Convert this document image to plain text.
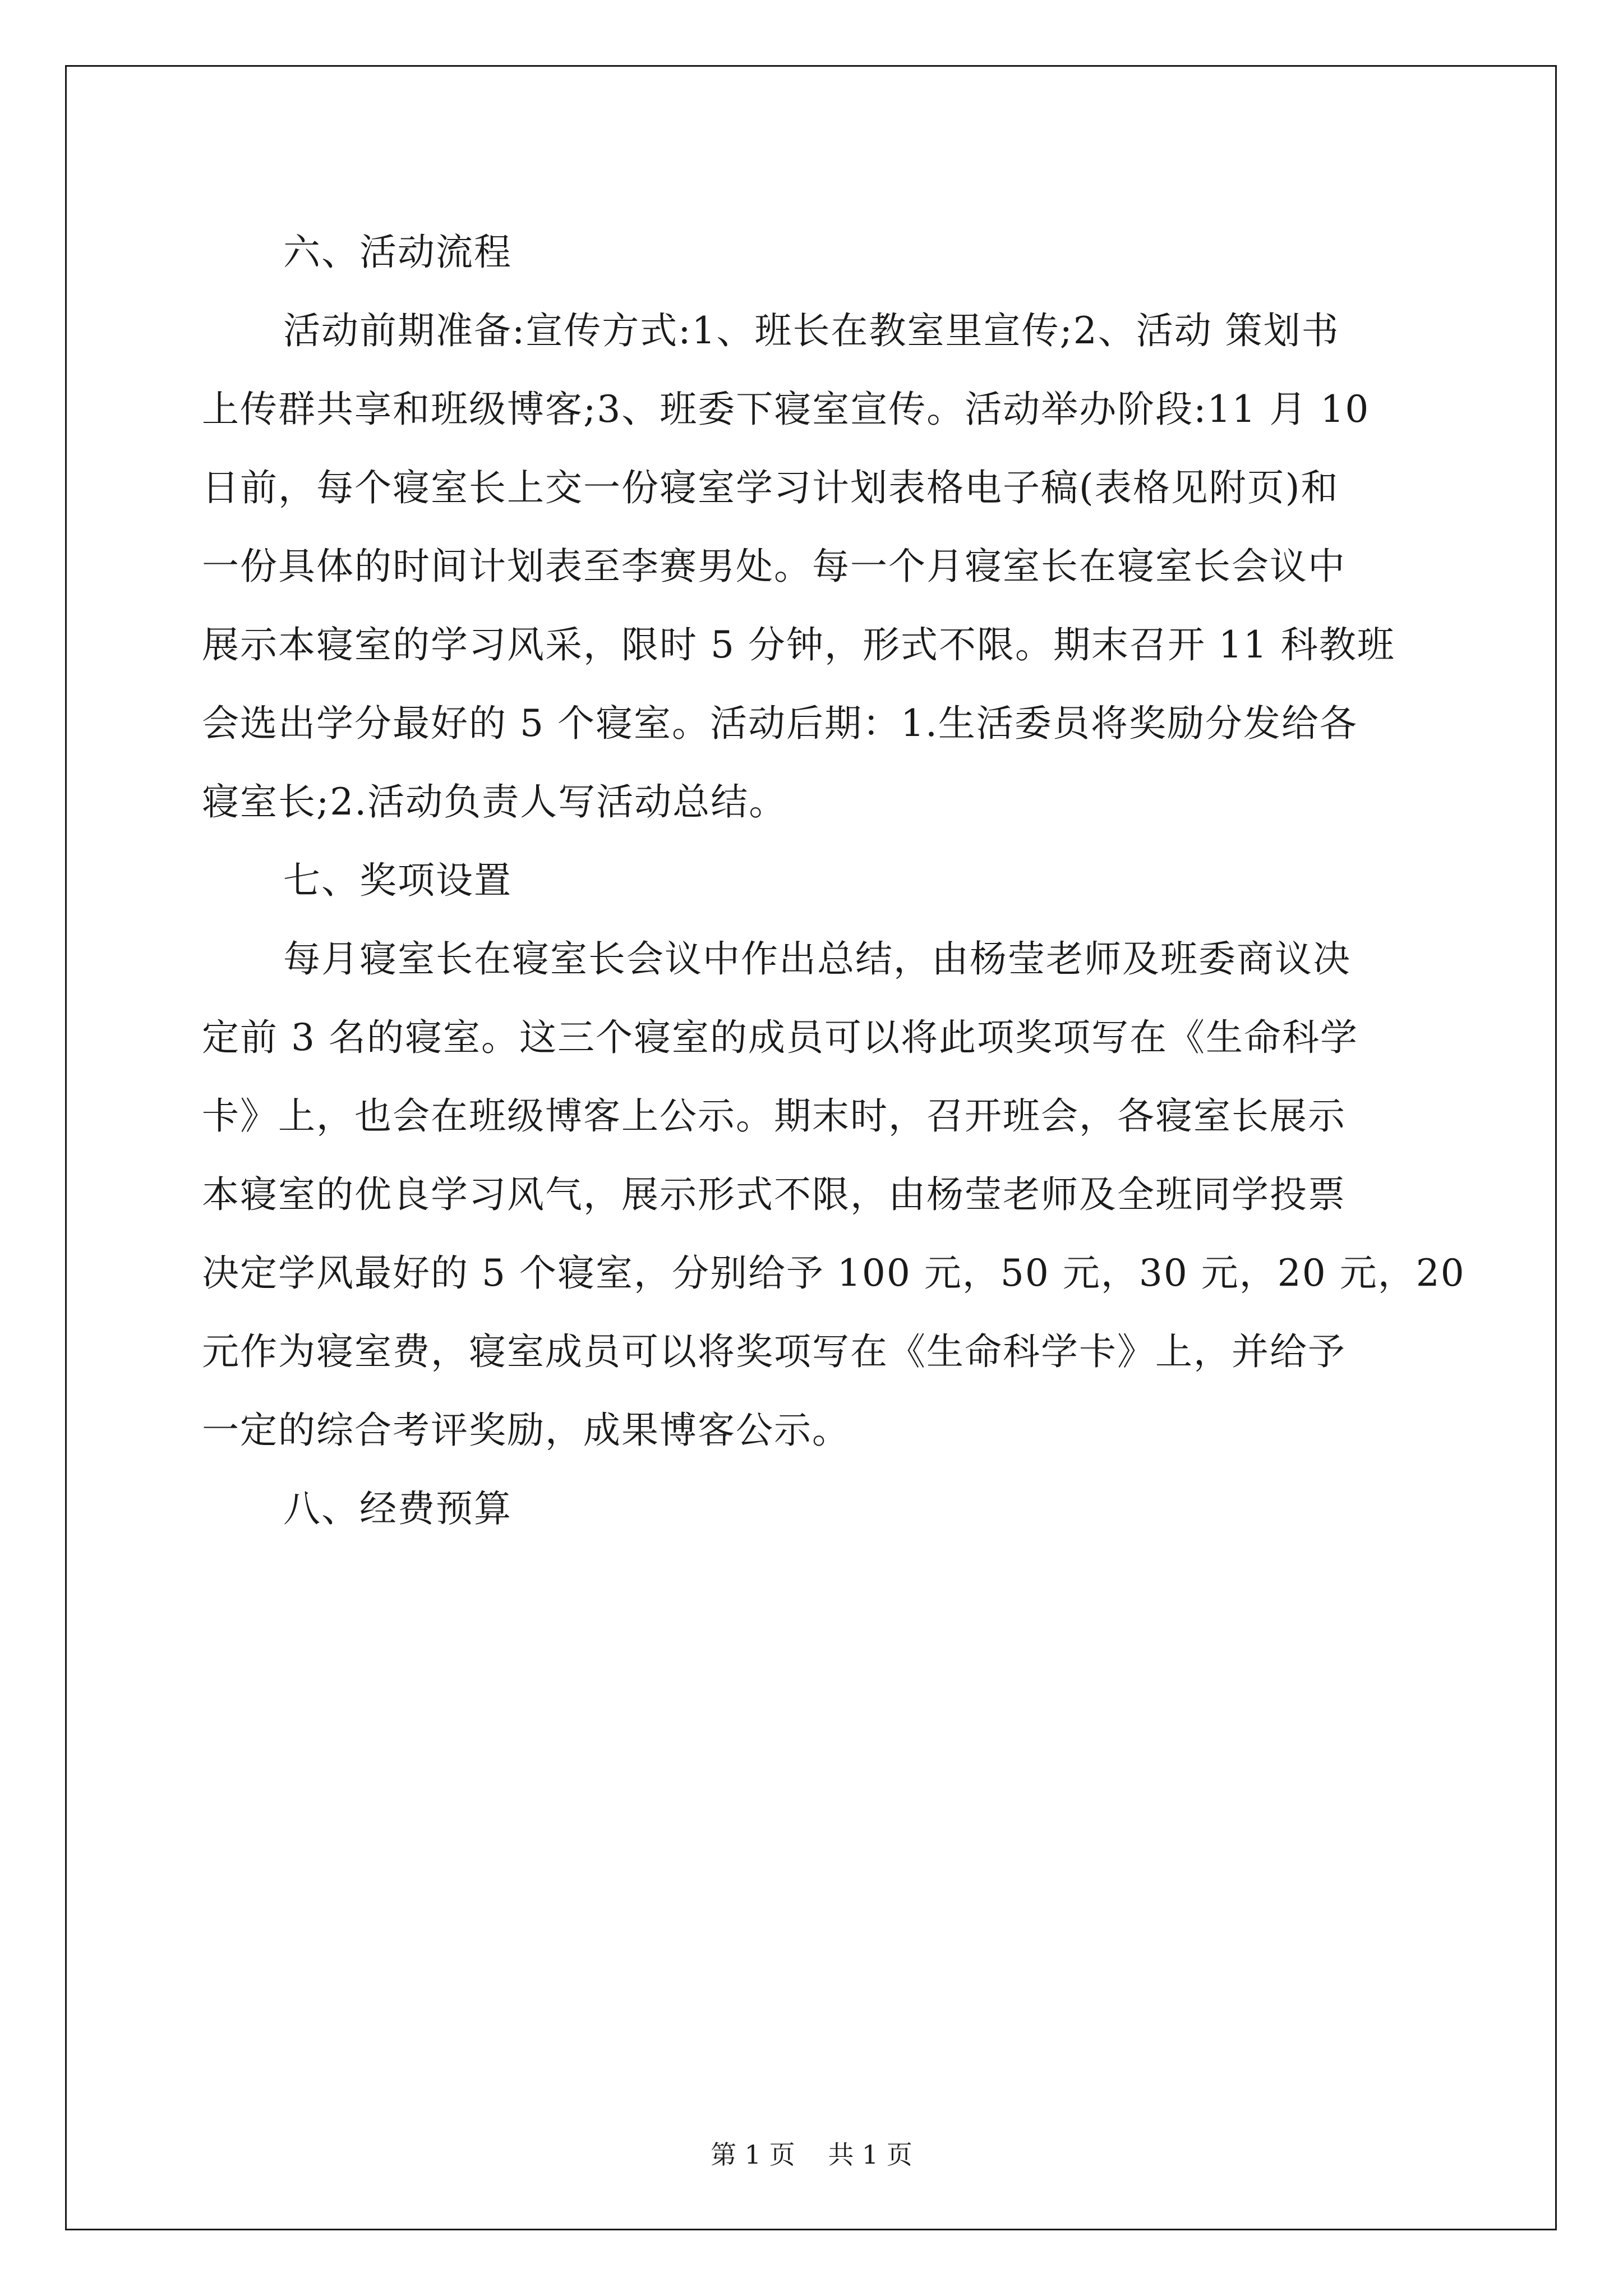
六、活动流程

活动前期准备:宣传方式:1、班长在教室里宣传;2、活动 策划书

上传群共享和班级博客;3、班委下寝室宣传。活动举办阶段:11 月 10

日前，每个寝室长上交一份寝室学习计划表格电子稿(表格见附页)和

一份具体的时间计划表至李赛男处。每一个月寝室长在寝室长会议中

展示本寝室的学习风采，限时 5 分钟，形式不限。期末召开 11 科教班

会选出学分最好的 5 个寝室。活动后期：1.生活委员将奖励分发给各

寝室长;2.活动负责人写活动总结。

七、奖项设置

每月寝室长在寝室长会议中作出总结，由杨莹老师及班委商议决

定前 3 名的寝室。这三个寝室的成员可以将此项奖项写在《生命科学

卡》上，也会在班级博客上公示。期末时，召开班会，各寝室长展示

本寝室的优良学习风气，展示形式不限，由杨莹老师及全班同学投票

决定学风最好的 5 个寝室，分别给予 100 元，50 元，30 元，20 元，20

元作为寝室费，寝室成员可以将奖项写在《生命科学卡》上，并给予

一定的综合考评奖励，成果博客公示。

八、经费预算

第 1 页 共 1 页
